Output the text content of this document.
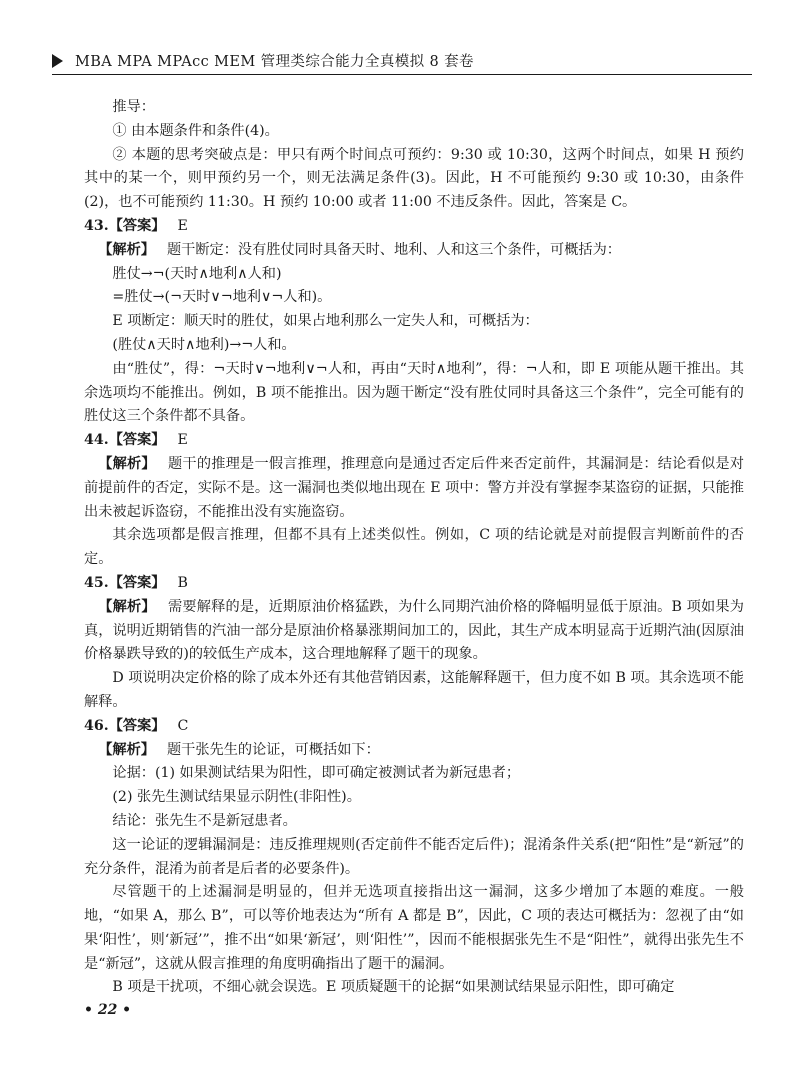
MBA MPA MPAcc MEM 管理类综合能力全真模拟 8 套卷

推导：

① 由本题条件和条件(4)。

② 本题的思考突破点是：甲只有两个时间点可预约：9:30 或 10:30，这两个时间点，如果 H 预约其中的某一个，则甲预约另一个，则无法满足条件(3)。因此，H 不可能预约 9:30 或 10:30，由条件(2)，也不可能预约 11:30。H 预约 10:00 或者 11:00 不违反条件。因此，答案是 C。

43.【答案】 E

【解析】 题干断定：没有胜仗同时具备天时、地利、人和这三个条件，可概括为：

胜仗→¬(天时∧地利∧人和)

=胜仗→(¬天时∨¬地利∨¬人和)。

E 项断定：顺天时的胜仗，如果占地利那么一定失人和，可概括为：

(胜仗∧天时∧地利)→¬人和。

由“胜仗”，得：¬天时∨¬地利∨¬人和，再由“天时∧地利”，得：¬人和，即 E 项能从题干推出。其余选项均不能推出。例如，B 项不能推出。因为题干断定“没有胜仗同时具备这三个条件”，完全可能有的胜仗这三个条件都不具备。

44.【答案】 E

【解析】 题干的推理是一假言推理，推理意向是通过否定后件来否定前件，其漏洞是：结论看似是对前提前件的否定，实际不是。这一漏洞也类似地出现在 E 项中：警方并没有掌握李某盗窃的证据，只能推出未被起诉盗窃，不能推出没有实施盗窃。

其余选项都是假言推理，但都不具有上述类似性。例如，C 项的结论就是对前提假言判断前件的否定。

45.【答案】 B

【解析】 需要解释的是，近期原油价格猛跌，为什么同期汽油价格的降幅明显低于原油。B 项如果为真，说明近期销售的汽油一部分是原油价格暴涨期间加工的，因此，其生产成本明显高于近期汽油(因原油价格暴跌导致的)的较低生产成本，这合理地解释了题干的现象。

D 项说明决定价格的除了成本外还有其他营销因素，这能解释题干，但力度不如 B 项。其余选项不能解释。

46.【答案】 C

【解析】 题干张先生的论证，可概括如下：

论据：(1) 如果测试结果为阳性，即可确定被测试者为新冠患者；

(2) 张先生测试结果显示阴性(非阳性)。

结论：张先生不是新冠患者。

这一论证的逻辑漏洞是：违反推理规则(否定前件不能否定后件)；混淆条件关系(把“阳性”是“新冠”的充分条件，混淆为前者是后者的必要条件)。

尽管题干的上述漏洞是明显的，但并无选项直接指出这一漏洞，这多少增加了本题的难度。一般地，“如果 A，那么 B”，可以等价地表达为“所有 A 都是 B”，因此，C 项的表达可概括为：忽视了由“如果‘阳性’，则‘新冠’”，推不出“如果‘新冠’，则‘阳性’”，因而不能根据张先生不是“阳性”，就得出张先生不是“新冠”，这就从假言推理的角度明确指出了题干的漏洞。

B 项是干扰项，不细心就会误选。E 项质疑题干的论据“如果测试结果显示阳性，即可确定

• 22 •
